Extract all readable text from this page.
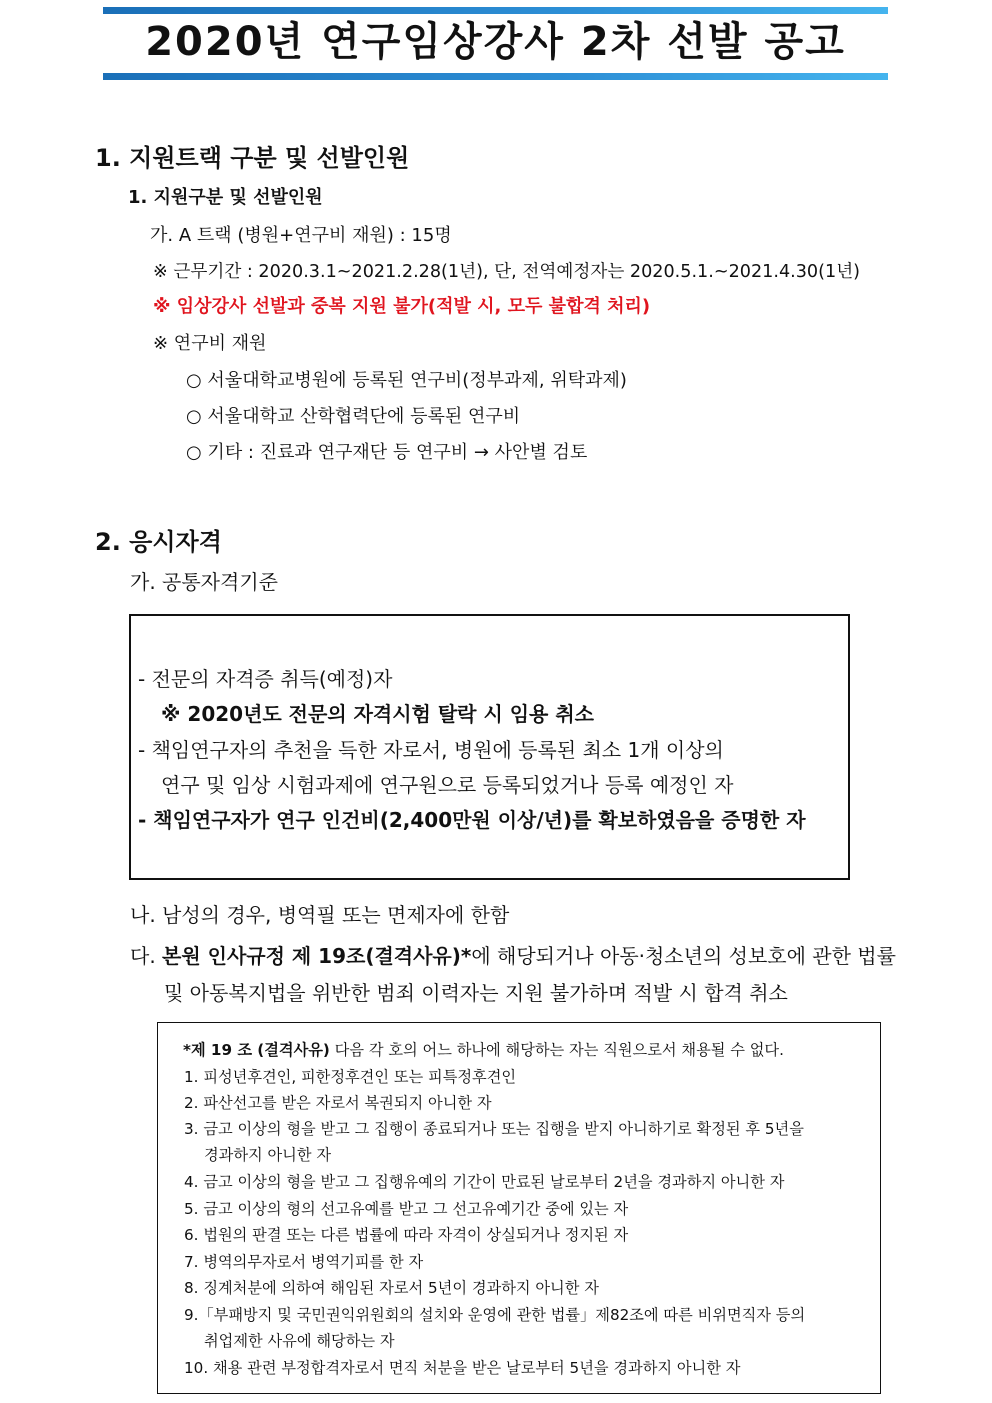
2020년 연구임상강사 2차 선발 공고
1. 지원트랙 구분 및 선발인원
1. 지원구분 및 선발인원
가. A 트랙 (병원+연구비 재원) : 15명
※ 근무기간 : 2020.3.1~2021.2.28(1년), 단, 전역예정자는 2020.5.1.~2021.4.30(1년)
※ 임상강사 선발과 중복 지원 불가(적발 시, 모두 불합격 처리)
※ 연구비 재원
○ 서울대학교병원에 등록된 연구비(정부과제, 위탁과제)
○ 서울대학교 산학협력단에 등록된 연구비
○ 기타 : 진료과 연구재단 등 연구비 → 사안별 검토
2. 응시자격
가. 공통자격기준
- 전문의 자격증 취득(예정)자
※ 2020년도 전문의 자격시험 탈락 시 임용 취소
- 책임연구자의 추천을 득한 자로서, 병원에 등록된 최소 1개 이상의
연구 및 임상 시험과제에 연구원으로 등록되었거나 등록 예정인 자
- 책임연구자가 연구 인건비(2,400만원 이상/년)를 확보하였음을 증명한 자
나. 남성의 경우, 병역필 또는 면제자에 한함
다. 본원 인사규정 제 19조(결격사유)*에 해당되거나 아동·청소년의 성보호에 관한 법률
및 아동복지법을 위반한 범죄 이력자는 지원 불가하며 적발 시 합격 취소
*제 19 조 (결격사유) 다음 각 호의 어느 하나에 해당하는 자는 직원으로서 채용될 수 없다.
1. 피성년후견인, 피한정후견인 또는 피특정후견인
2. 파산선고를 받은 자로서 복권되지 아니한 자
3. 금고 이상의 형을 받고 그 집행이 종료되거나 또는 집행을 받지 아니하기로 확정된 후 5년을
경과하지 아니한 자
4. 금고 이상의 형을 받고 그 집행유예의 기간이 만료된 날로부터 2년을 경과하지 아니한 자
5. 금고 이상의 형의 선고유예를 받고 그 선고유예기간 중에 있는 자
6. 법원의 판결 또는 다른 법률에 따라 자격이 상실되거나 정지된 자
7. 병역의무자로서 병역기피를 한 자
8. 징계처분에 의하여 해임된 자로서 5년이 경과하지 아니한 자
9.「부패방지 및 국민권익위원회의 설치와 운영에 관한 법률」제82조에 따른 비위면직자 등의
취업제한 사유에 해당하는 자
10. 채용 관련 부정합격자로서 면직 처분을 받은 날로부터 5년을 경과하지 아니한 자
